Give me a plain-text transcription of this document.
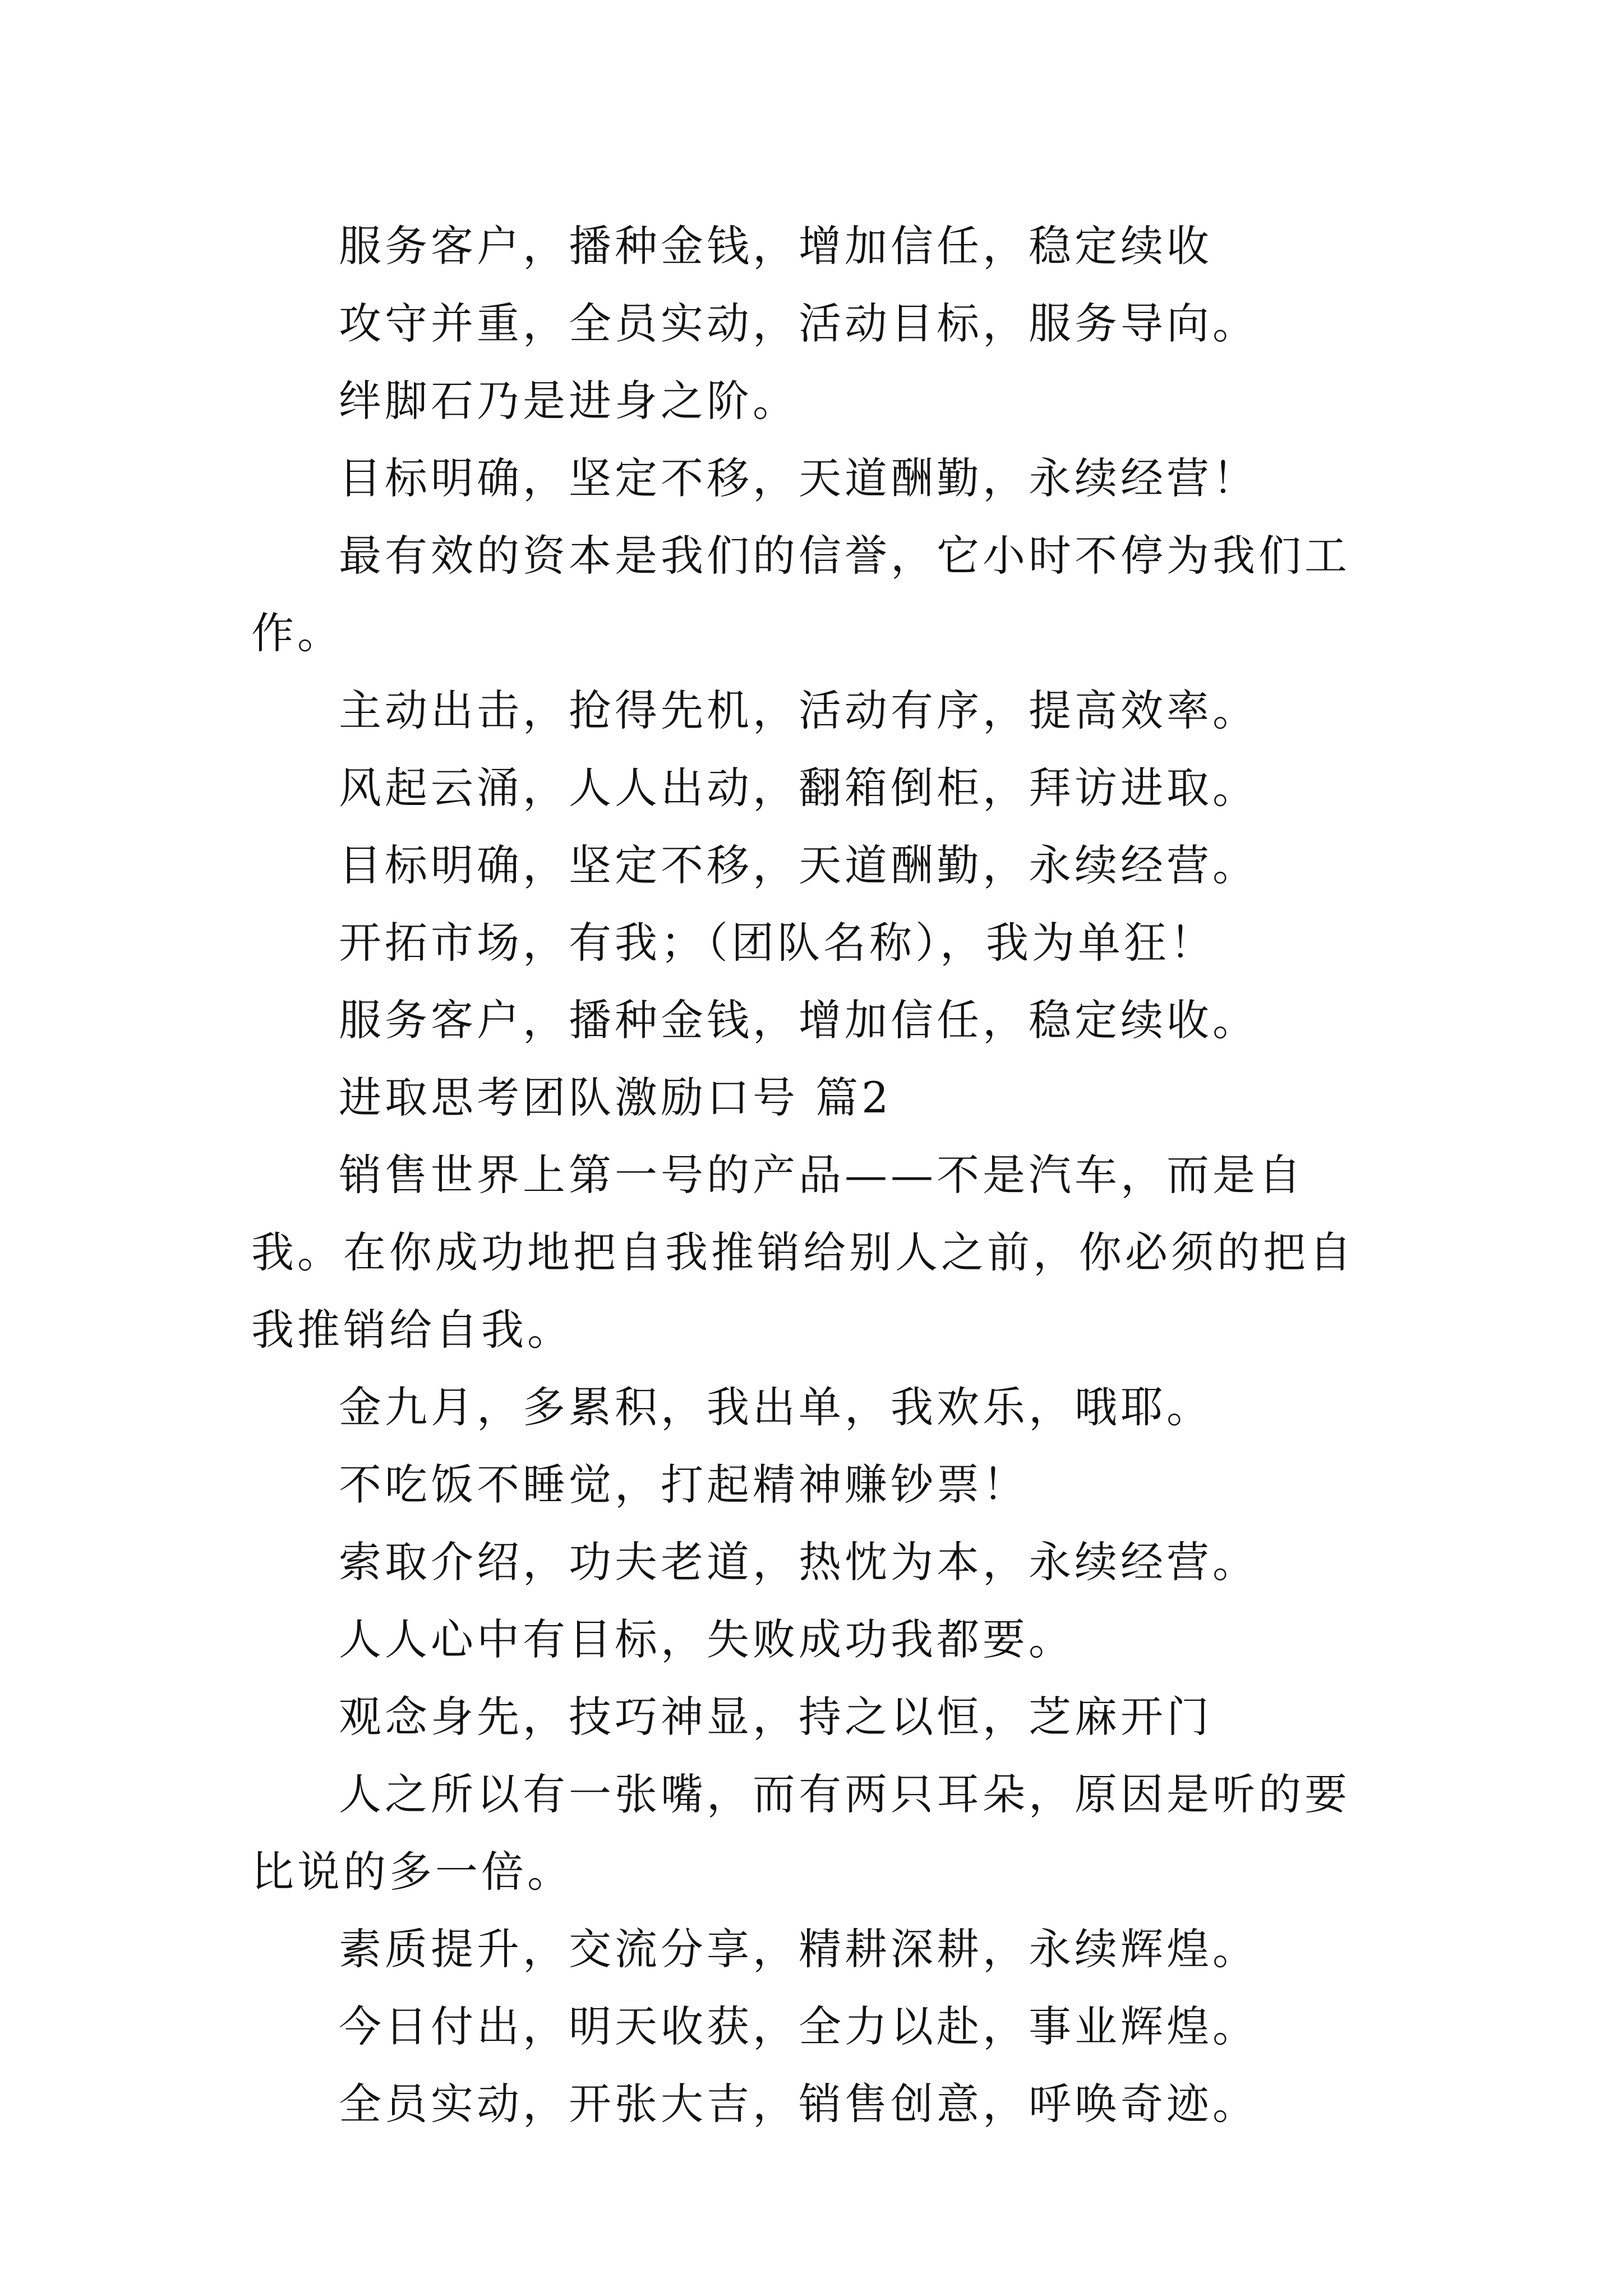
服务客户，播种金钱，增加信任，稳定续收

攻守并重，全员实动，活动目标，服务导向。

绊脚石乃是进身之阶。

目标明确，坚定不移，天道酬勤，永续经营！

最有效的资本是我们的信誉，它小时不停为我们工作。

主动出击，抢得先机，活动有序，提高效率。

风起云涌，人人出动，翻箱倒柜，拜访进取。

目标明确，坚定不移，天道酬勤，永续经营。

开拓市场，有我；（团队名称），我为单狂！

服务客户，播种金钱，增加信任，稳定续收。

进取思考团队激励口号 篇2

销售世界上第一号的产品——不是汽车，而是自我。在你成功地把自我推销给别人之前，你必须的把自我推销给自我。

金九月，多累积，我出单，我欢乐，哦耶。

不吃饭不睡觉，打起精神赚钞票！

索取介绍，功夫老道，热忱为本，永续经营。

人人心中有目标，失败成功我都要。

观念身先，技巧神显，持之以恒，芝麻开门

人之所以有一张嘴，而有两只耳朵，原因是听的要比说的多一倍。

素质提升，交流分享，精耕深耕，永续辉煌。

今日付出，明天收获，全力以赴，事业辉煌。

全员实动，开张大吉，销售创意，呼唤奇迹。
